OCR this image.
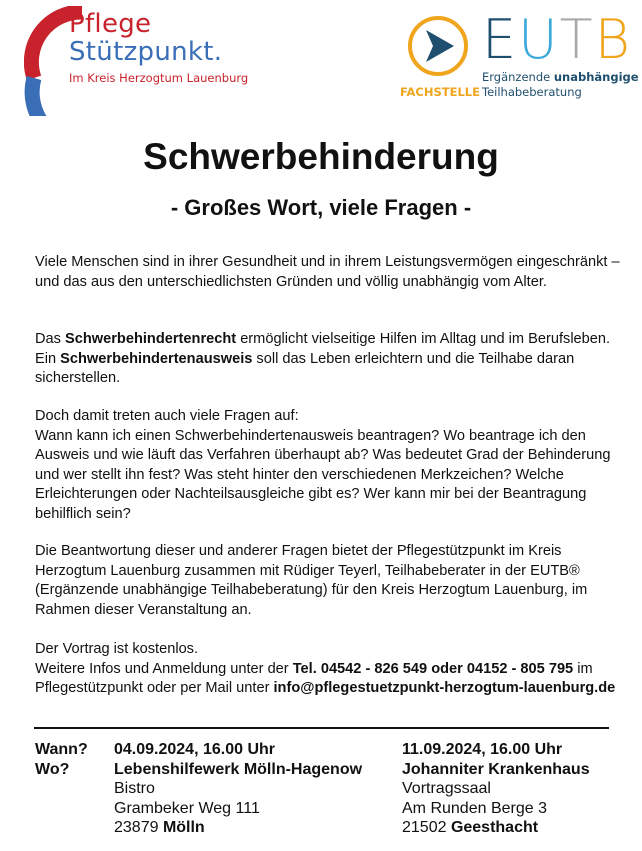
Pflege
Stützpunkt.
Im Kreis Herzogtum Lauenburg
EUTB
FACHSTELLE
Ergänzende unabhängige
Teilhabeberatung
Schwerbehinderung
- Großes Wort, viele Fragen -

Viele Menschen sind in ihrer Gesundheit und in ihrem Leistungsvermögen eingeschränkt – und das aus den unterschiedlichsten Gründen und völlig unabhängig vom Alter.

Das Schwerbehindertenrecht ermöglicht vielseitige Hilfen im Alltag und im Berufsleben. Ein Schwerbehindertenausweis soll das Leben erleichtern und die Teilhabe daran sicherstellen.

Doch damit treten auch viele Fragen auf:

Wann kann ich einen Schwerbehindertenausweis beantragen? Wo beantrage ich den Ausweis und wie läuft das Verfahren überhaupt ab? Was bedeutet Grad der Behinderung und wer stellt ihn fest? Was steht hinter den verschiedenen Merkzeichen? Welche Erleichterungen oder Nachteilsausgleiche gibt es? Wer kann mir bei der Beantragung behilflich sein?

Die Beantwortung dieser und anderer Fragen bietet der Pflegestützpunkt im Kreis Herzogtum Lauenburg zusammen mit Rüdiger Teyerl, Teilhabeberater in der EUTB® (Ergänzende unabhängige Teilhabeberatung) für den Kreis Herzogtum Lauenburg, im Rahmen dieser Veranstaltung an.

Der Vortrag ist kostenlos.

Weitere Infos und Anmeldung unter der Tel. 04542 - 826 549 oder 04152 - 805 795 im Pflegestützpunkt oder per Mail unter info@pflegestuetzpunkt-herzogtum-lauenburg.de

Wann?
Wo?
04.09.2024, 16.00 Uhr
Lebenshilfewerk Mölln-Hagenow
Bistro
Grambeker Weg 111
23879 Mölln
11.09.2024, 16.00 Uhr
Johanniter Krankenhaus
Vortragssaal
Am Runden Berge 3
21502 Geesthacht
